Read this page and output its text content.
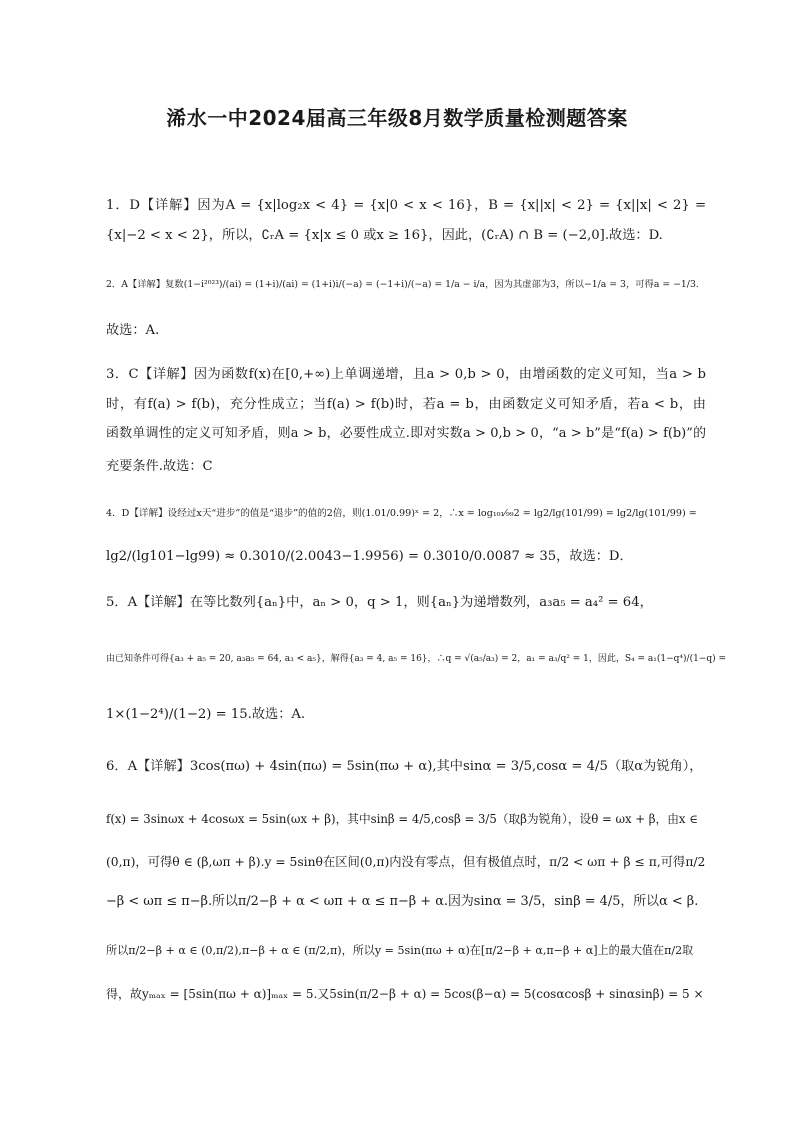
浠水一中2024届高三年级8月数学质量检测题答案
1．D【详解】因为A = {x|log₂x < 4} = {x|0 < x < 16}，B = {x||x| < 2} = {x||x| < 2} =
{x|−2 < x < 2}，所以，∁ᵣA = {x|x ≤ 0 或x ≥ 16}，因此，(∁ᵣA) ∩ B = (−2,0].故选：D.
2．A【详解】复数(1−i²⁰²³)/(ai) = (1+i)/(ai) = (1+i)i/(−a) = (−1+i)/(−a) = 1/a − i/a，因为其虚部为3，所以−1/a = 3，可得a = −1/3.
故选：A.
3．C【详解】因为函数f(x)在[0,+∞)上单调递增，且a > 0,b > 0，由增函数的定义可知，当a > b
时，有f(a) > f(b)，充分性成立；当f(a) > f(b)时，若a = b，由函数定义可知矛盾，若a < b，由
函数单调性的定义可知矛盾，则a > b，必要性成立.即对实数a > 0,b > 0，“a > b”是“f(a) > f(b)”的
充要条件.故选：C
4．D【详解】设经过x天“进步”的值是“退步”的值的2倍，则(1.01/0.99)ˣ = 2，∴x = log₁₀₁⁄₉₉2 = lg2/lg(101/99) = lg2/lg(101/99) =
lg2/(lg101−lg99) ≈ 0.3010/(2.0043−1.9956) = 0.3010/0.0087 ≈ 35，故选：D．
5．A【详解】在等比数列{aₙ}中，aₙ > 0，q > 1，则{aₙ}为递增数列，a₃a₅ = a₄² = 64，
由已知条件可得{a₃ + a₅ = 20, a₃a₅ = 64, a₃ < a₅}，解得{a₃ = 4, a₅ = 16}，∴q = √(a₅/a₃) = 2，a₁ = a₃/q² = 1，因此，S₄ = a₁(1−q⁴)/(1−q) =
1×(1−2⁴)/(1−2) = 15.故选：A.
6．A【详解】3cos(πω) + 4sin(πω) = 5sin(πω + α),其中sinα = 3/5,cosα = 4/5（取α为锐角），
f(x) = 3sinωx + 4cosωx = 5sin(ωx + β)，其中sinβ = 4/5,cosβ = 3/5（取β为锐角），设θ = ωx + β，由x ∈
(0,π)，可得θ ∈ (β,ωπ + β).y = 5sinθ在区间(0,π)内没有零点，但有极值点时，π/2 < ωπ + β ≤ π,可得π/2
−β < ωπ ≤ π−β.所以π/2−β + α < ωπ + α ≤ π−β + α.因为sinα = 3/5，sinβ = 4/5，所以α < β.
所以π/2−β + α ∈ (0,π/2),π−β + α ∈ (π/2,π)，所以y = 5sin(πω + α)在[π/2−β + α,π−β + α]上的最大值在π/2取
得，故yₘₐₓ = [5sin(πω + α)]ₘₐₓ = 5.又5sin(π/2−β + α) = 5cos(β−α) = 5(cosαcosβ + sinαsinβ) = 5 ×
